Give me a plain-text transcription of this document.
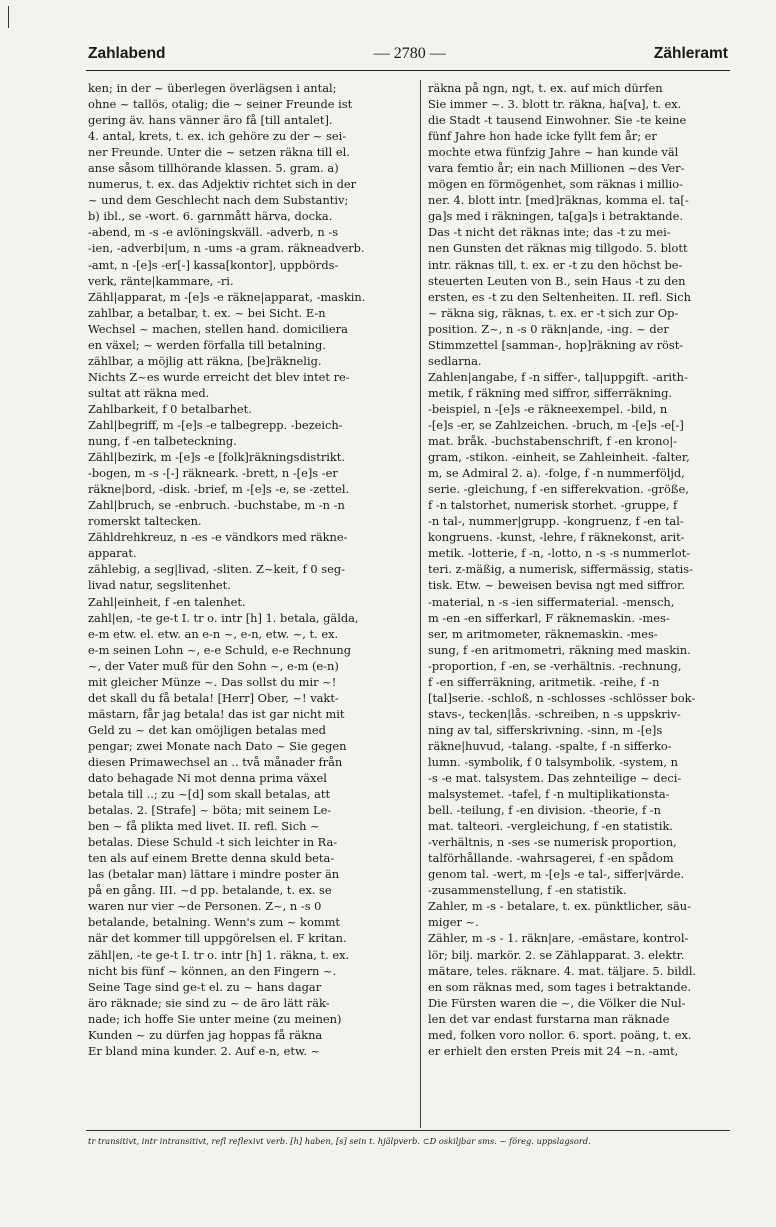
Zahlabend	— 2780 —	Zähleramt
ken; in der ~ überlegen överlägsen i antal;
ohne ~ tallös, otalig; die ~ seiner Freunde ist
gering äv. hans vänner äro få [till antalet].
4. antal, krets, t. ex. ich gehöre zu der ~ sei-
ner Freunde. Unter die ~ setzen räkna till el.
anse såsom tillhörande klassen. 5. gram. a)
numerus, t. ex. das Adjektiv richtet sich in der
~ und dem Geschlecht nach dem Substantiv;
b) ibl., se -wort. 6. garnmått härva, docka.
-abend, m -s -e avlöningskväll. -adverb, n -s
-ien, -adverbi|um, n -ums -a gram. räkneadverb.
-amt, n -[e]s -er[-] kassa[kontor], uppbörds-
verk, ränte|kammare, -ri.
Zähl|apparat, m -[e]s -e räkne|apparat, -maskin.
zahlbar, a betalbar, t. ex. ~ bei Sicht. E-n
Wechsel ~ machen, stellen hand. domiciliera
en växel; ~ werden förfalla till betalning.
zählbar, a möjlig att räkna, [be]räknelig.
Nichts Z~es wurde erreicht det blev intet re-
sultat att räkna med.
Zahlbarkeit, f 0 betalbarhet.
Zahl|begriff, m -[e]s -e talbegrepp. -bezeich-
nung, f -en talbeteckning.
Zähl|bezirk, m -[e]s -e [folk]räkningsdistrikt.
-bogen, m -s -[-] räkneark. -brett, n -[e]s -er
räkne|bord, -disk. -brief, m -[e]s -e, se -zettel.
Zahl|bruch, se -enbruch. -buchstabe, m -n -n
romerskt taltecken.
Zähldrehkreuz, n -es -e vändkors med räkne-
apparat.
zählebig, a seg|livad, -sliten. Z~keit, f 0 seg-
livad natur, segslitenhet.
Zahl|einheit, f -en talenhet.
zahl|en, -te ge-t I. tr o. intr [h] 1. betala, gälda,
e-m etw. el. etw. an e-n ~, e-n, etw. ~, t. ex.
e-m seinen Lohn ~, e-e Schuld, e-e Rechnung
~, der Vater muß für den Sohn ~, e-m (e-n)
mit gleicher Münze ~. Das sollst du mir ~!
det skall du få betala! [Herr] Ober, ~! vakt-
mästarn, får jag betala! das ist gar nicht mit
Geld zu ~ det kan omöjligen betalas med
pengar; zwei Monate nach Dato ~ Sie gegen
diesen Primawechsel an .. två månader från
dato behagade Ni mot denna prima växel
betala till ..; zu ~[d] som skall betalas, att
betalas. 2. [Strafe] ~ böta; mit seinem Le-
ben ~ få plikta med livet. II. refl. Sich ~
betalas. Diese Schuld -t sich leichter in Ra-
ten als auf einem Brette denna skuld beta-
las (betalar man) lättare i mindre poster än
på en gång. III. ~d pp. betalande, t. ex. se
waren nur vier ~de Personen. Z~, n -s 0
betalande, betalning. Wenn's zum ~ kommt
när det kommer till uppgörelsen el. F kritan.
zähl|en, -te ge-t I. tr o. intr [h] 1. räkna, t. ex.
nicht bis fünf ~ können, an den Fingern ~.
Seine Tage sind ge-t el. zu ~ hans dagar
äro räknade; sie sind zu ~ de äro lätt räk-
nade; ich hoffe Sie unter meine (zu meinen)
Kunden ~ zu dürfen jag hoppas få räkna
Er bland mina kunder. 2. Auf e-n, etw. ~
räkna på ngn, ngt, t. ex. auf mich dürfen
Sie immer ~. 3. blott tr. räkna, ha[va], t. ex.
die Stadt -t tausend Einwohner. Sie -te keine
fünf Jahre hon hade icke fyllt fem år; er
mochte etwa fünfzig Jahre ~ han kunde väl
vara femtio år; ein nach Millionen ~des Ver-
mögen en förmögenhet, som räknas i millio-
ner. 4. blott intr. [med]räknas, komma el. ta[-
ga]s med i räkningen, ta[ga]s i betraktande.
Das -t nicht det räknas inte; das -t zu mei-
nen Gunsten det räknas mig tillgodo. 5. blott
intr. räknas till, t. ex. er -t zu den höchst be-
steuerten Leuten von B., sein Haus -t zu den
ersten, es -t zu den Seltenheiten. II. refl. Sich
~ räkna sig, räknas, t. ex. er -t sich zur Op-
position. Z~, n -s 0 räkn|ande, -ing. ~ der
Stimmzettel [samman-, hop]räkning av röst-
sedlarna.
Zahlen|angabe, f -n siffer-, tal|uppgift. -arith-
metik, f räkning med siffror, sifferräkning.
-beispiel, n -[e]s -e räkneexempel. -bild, n
-[e]s -er, se Zahlzeichen. -bruch, m -[e]s -e[-]
mat. bråk. -buchstabenschrift, f -en krono|-
gram, -stikon. -einheit, se Zahleinheit. -falter,
m, se Admiral 2. a). -folge, f -n nummerföljd,
serie. -gleichung, f -en sifferekvation. -größe,
f -n talstorhet, numerisk storhet. -gruppe, f
-n tal-, nummer|grupp. -kongruenz, f -en tal-
kongruens. -kunst, -lehre, f räknekonst, arit-
metik. -lotterie, f -n, -lotto, n -s -s nummerlot-
teri. z-mäßig, a numerisk, siffermässig, statis-
tisk. Etw. ~ beweisen bevisa ngt med siffror.
-material, n -s -ien siffermaterial. -mensch,
m -en -en sifferkarl, F räknemaskin. -mes-
ser, m aritmometer, räknemaskin. -mes-
sung, f -en aritmometri, räkning med maskin.
-proportion, f -en, se -verhältnis. -rechnung,
f -en sifferräkning, aritmetik. -reihe, f -n
[tal]serie. -schloß, n -schlosses -schlösser bok-
stavs-, tecken|lås. -schreiben, n -s uppskriv-
ning av tal, sifferskrivning. -sinn, m -[e]s
räkne|huvud, -talang. -spalte, f -n sifferko-
lumn. -symbolik, f 0 talsymbolik. -system, n
-s -e mat. talsystem. Das zehnteilige ~ deci-
malsystemet. -tafel, f -n multiplikationsta-
bell. -teilung, f -en division. -theorie, f -n
mat. talteori. -vergleichung, f -en statistik.
-verhältnis, n -ses -se numerisk proportion,
talförhållande. -wahrsagerei, f -en spådom
genom tal. -wert, m -[e]s -e tal-, siffer|värde.
-zusammenstellung, f -en statistik.
Zahler, m -s - betalare, t. ex. pünktlicher, säu-
miger ~.
Zähler, m -s - 1. räkn|are, -emästare, kontrol-
lör; bilj. markör. 2. se Zählapparat. 3. elektr.
mätare, teles. räknare. 4. mat. täljare. 5. bildl.
en som räknas med, som tages i betraktande.
Die Fürsten waren die ~, die Völker die Nul-
len det var endast furstarna man räknade
med, folken voro nollor. 6. sport. poäng, t. ex.
er erhielt den ersten Preis mit 24 ~n. -amt,
tr transitivt, intr intransitivt, refl reflexivt verb. [h] haben, [s] sein t. hjälpverb. ⊂D oskiljbar sms. ~ föreg. uppslagsord.
